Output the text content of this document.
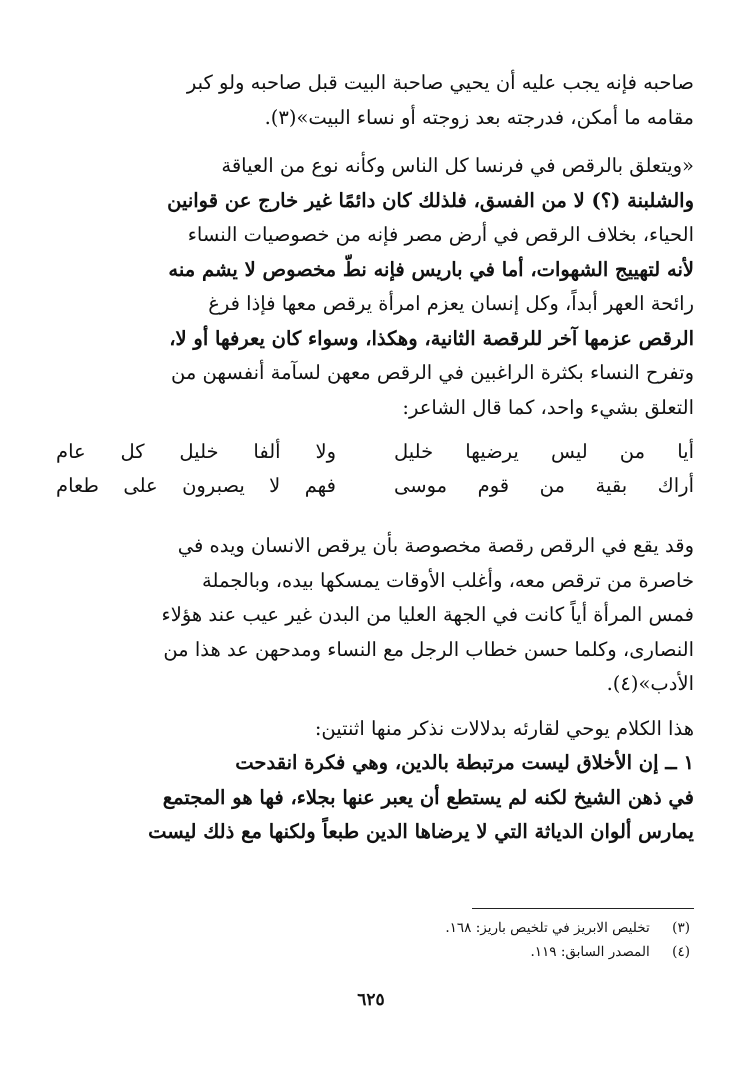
صاحبه فإنه يجب عليه أن يحيي صاحبة البيت قبل صاحبه ولو كبر
مقامه ما أمكن، فدرجته بعد زوجته أو نساء البيت»(٣).
«ويتعلق بالرقص في فرنسا كل الناس وكأنه نوع من العياقة
والشلبنة (؟) لا من الفسق، فلذلك كان دائمًا غير خارج عن قوانين
الحياء، بخلاف الرقص في أرض مصر فإنه من خصوصيات النساء
لأنه لتهييج الشهوات، أما في باريس فإنه نطّ مخصوص لا يشم منه
رائحة العهر أبداً، وكل إنسان يعزم امرأة يرقص معها فإذا فرغ
الرقص عزمها آخر للرقصة الثانية، وهكذا، وسواء كان يعرفها أو لا،
وتفرح النساء بكثرة الراغبين في الرقص معهن لسآمة أنفسهن من
التعلق بشيء واحد، كما قال الشاعر:
أيا من ليس يرضيها خليل
ولا ألفا خليل كل عام
أراك بقية من قوم موسى
فهم لا يصبرون على طعام
وقد يقع في الرقص رقصة مخصوصة بأن يرقص الانسان ويده في
خاصرة من ترقص معه، وأغلب الأوقات يمسكها بيده، وبالجملة
فمس المرأة أياً كانت في الجهة العليا من البدن غير عيب عند هؤلاء
النصارى، وكلما حسن خطاب الرجل مع النساء ومدحهن عد هذا من
الأدب»(٤).
هذا الكلام يوحي لقارئه بدلالات نذكر منها اثنتين:
١ ــ إن الأخلاق ليست مرتبطة بالدين، وهي فكرة انقدحت
في ذهن الشيخ لكنه لم يستطع أن يعبر عنها بجلاء، فها هو المجتمع
يمارس ألوان الدياثة التي لا يرضاها الدين طبعاً ولكنها مع ذلك ليست
(٣) تخليص الابريز في تلخيص باريز: ١٦٨.
(٤) المصدر السابق: ١١٩.
٦٢٥
